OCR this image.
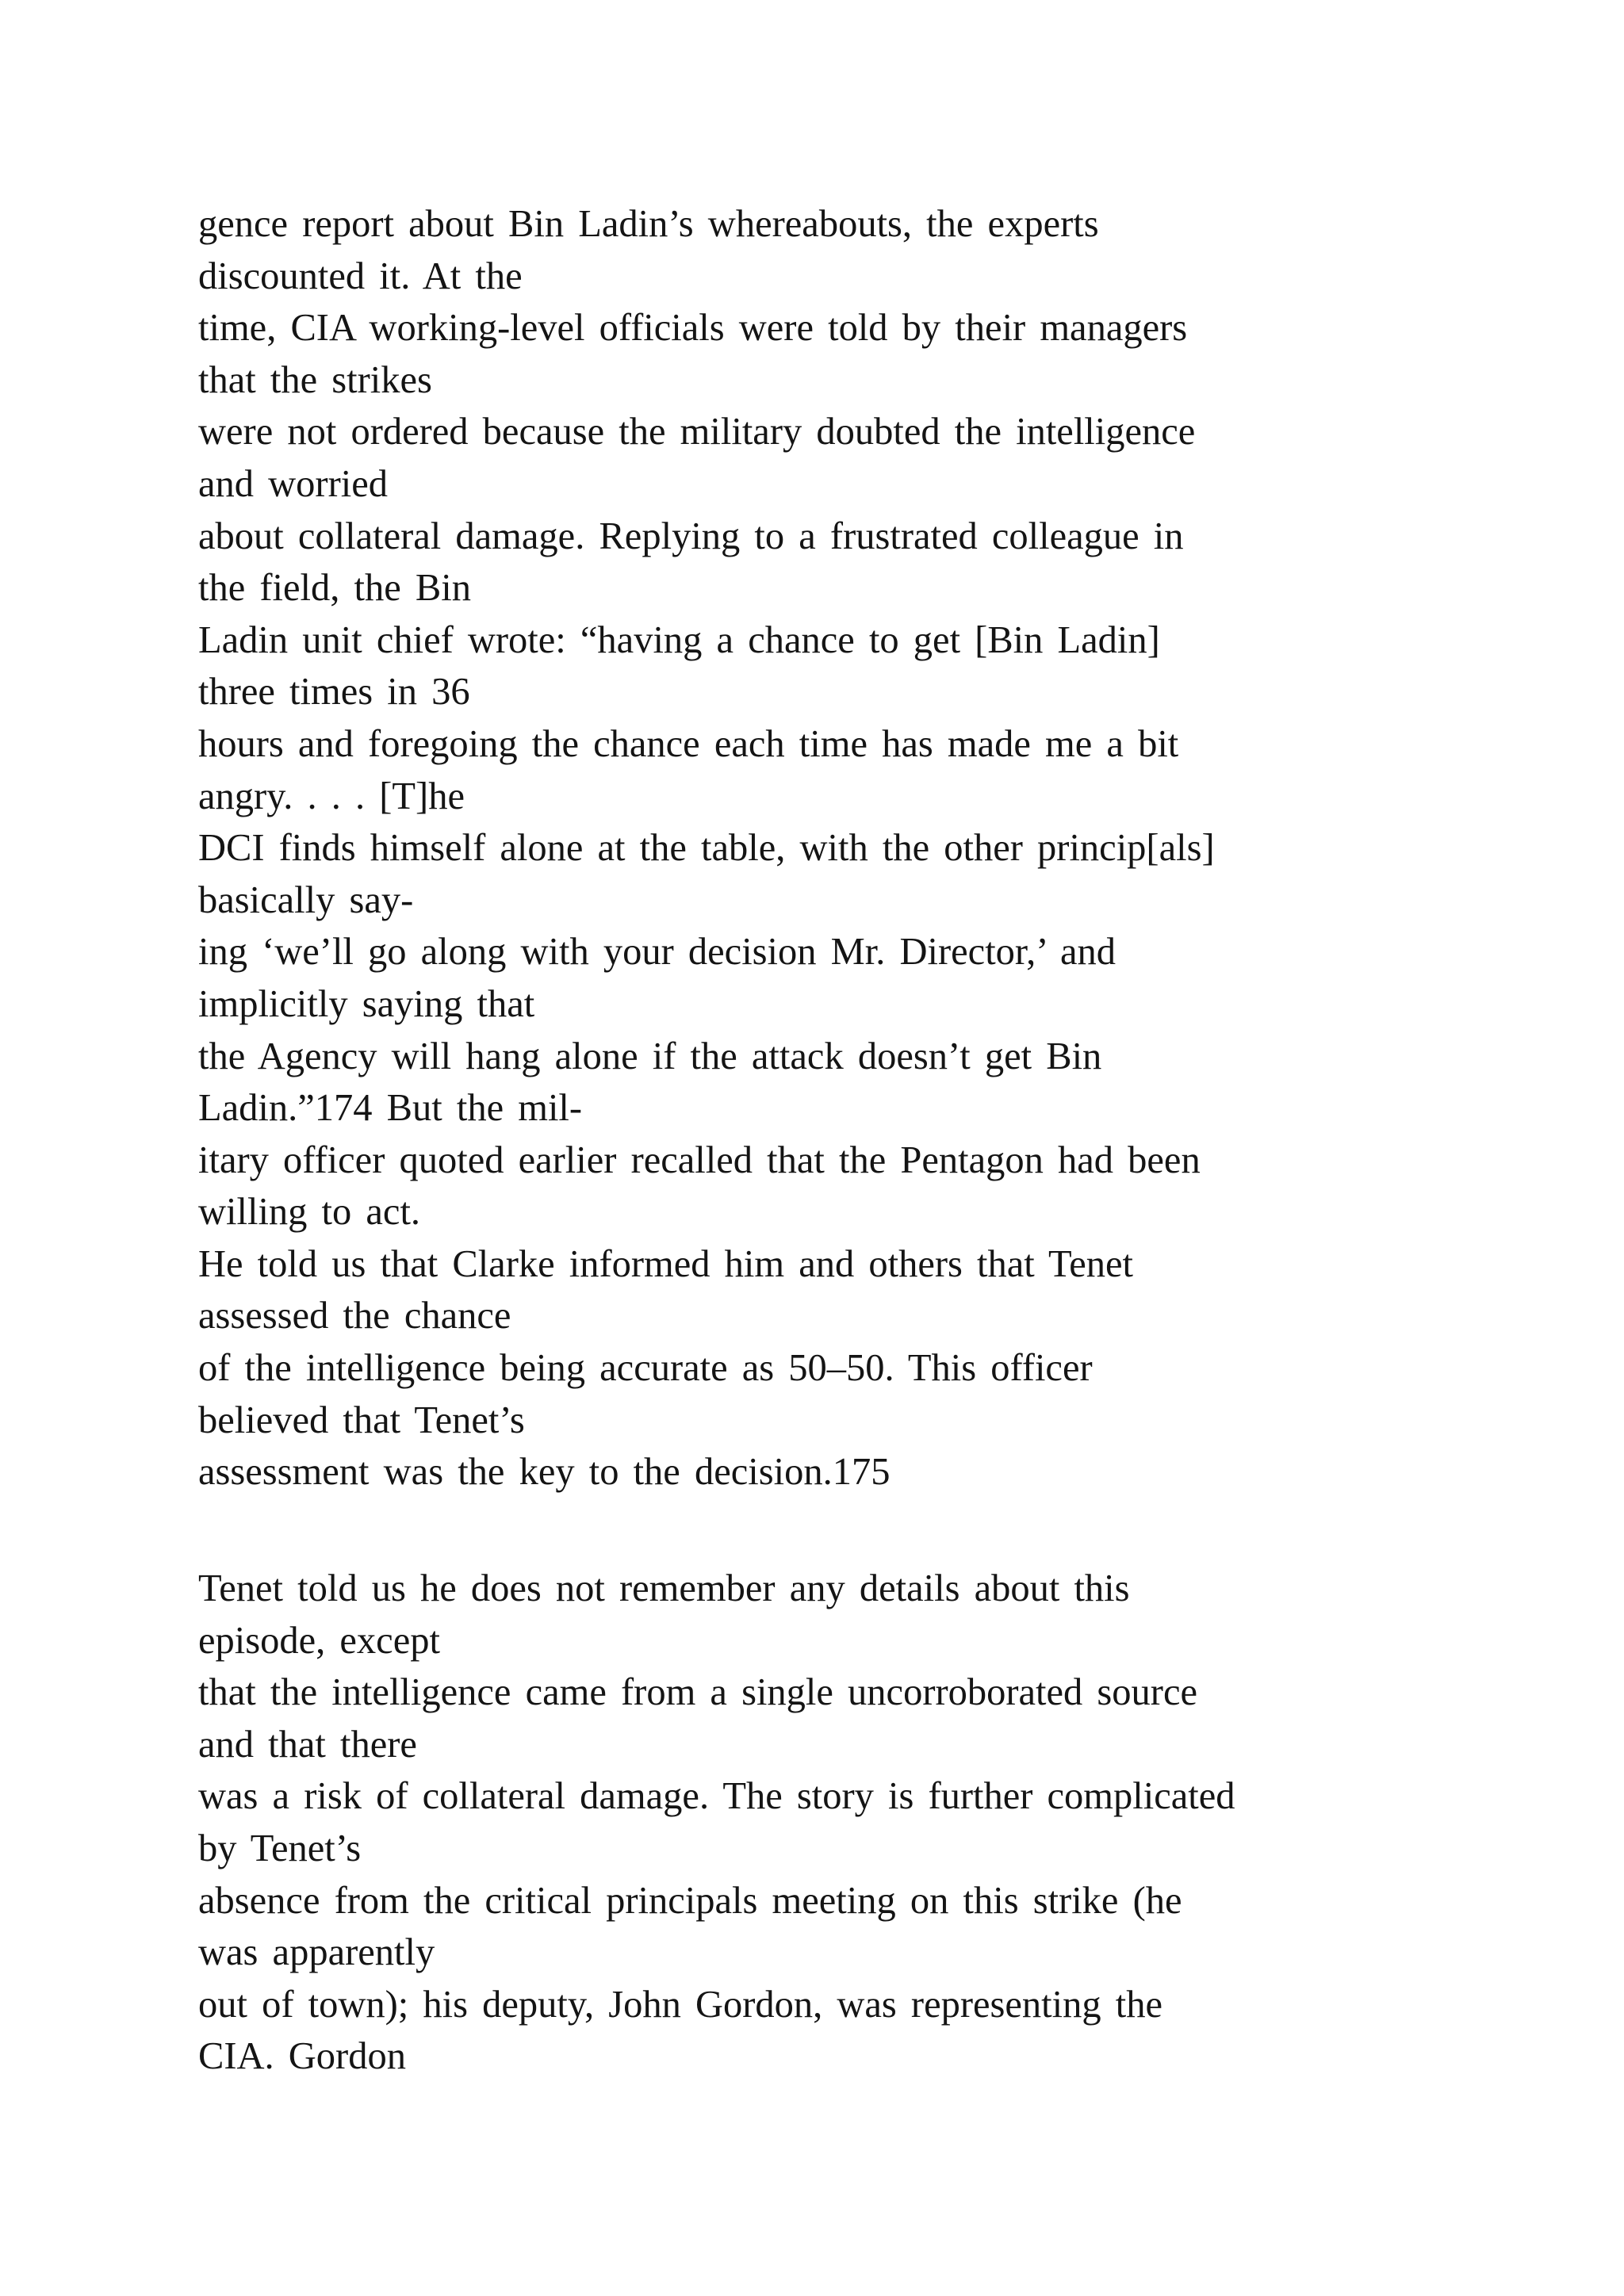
gence report about Bin Ladin’s whereabouts, the experts
discounted it. At the
time, CIA working-level officials were told by their managers
that the strikes
were not ordered because the military doubted the intelligence
and worried
about collateral damage. Replying to a frustrated colleague in
the field, the Bin
Ladin unit chief wrote: “having a chance to get [Bin Ladin]
three times in 36
hours and foregoing the chance each time has made me a bit
angry. . . . [T]he
DCI finds himself alone at the table, with the other princip[als]
basically say-
ing ‘we’ll go along with your decision Mr. Director,’ and
implicitly saying that
the Agency will hang alone if the attack doesn’t get Bin
Ladin.”174 But the mil-
itary officer quoted earlier recalled that the Pentagon had been
willing to act.
He told us that Clarke informed him and others that Tenet
assessed the chance
of the intelligence being accurate as 50–50. This officer
believed that Tenet’s
assessment was the key to the decision.175
Tenet told us he does not remember any details about this
episode, except
that the intelligence came from a single uncorroborated source
and that there
was a risk of collateral damage. The story is further complicated
by Tenet’s
absence from the critical principals meeting on this strike (he
was apparently
out of town); his deputy, John Gordon, was representing the
CIA. Gordon
